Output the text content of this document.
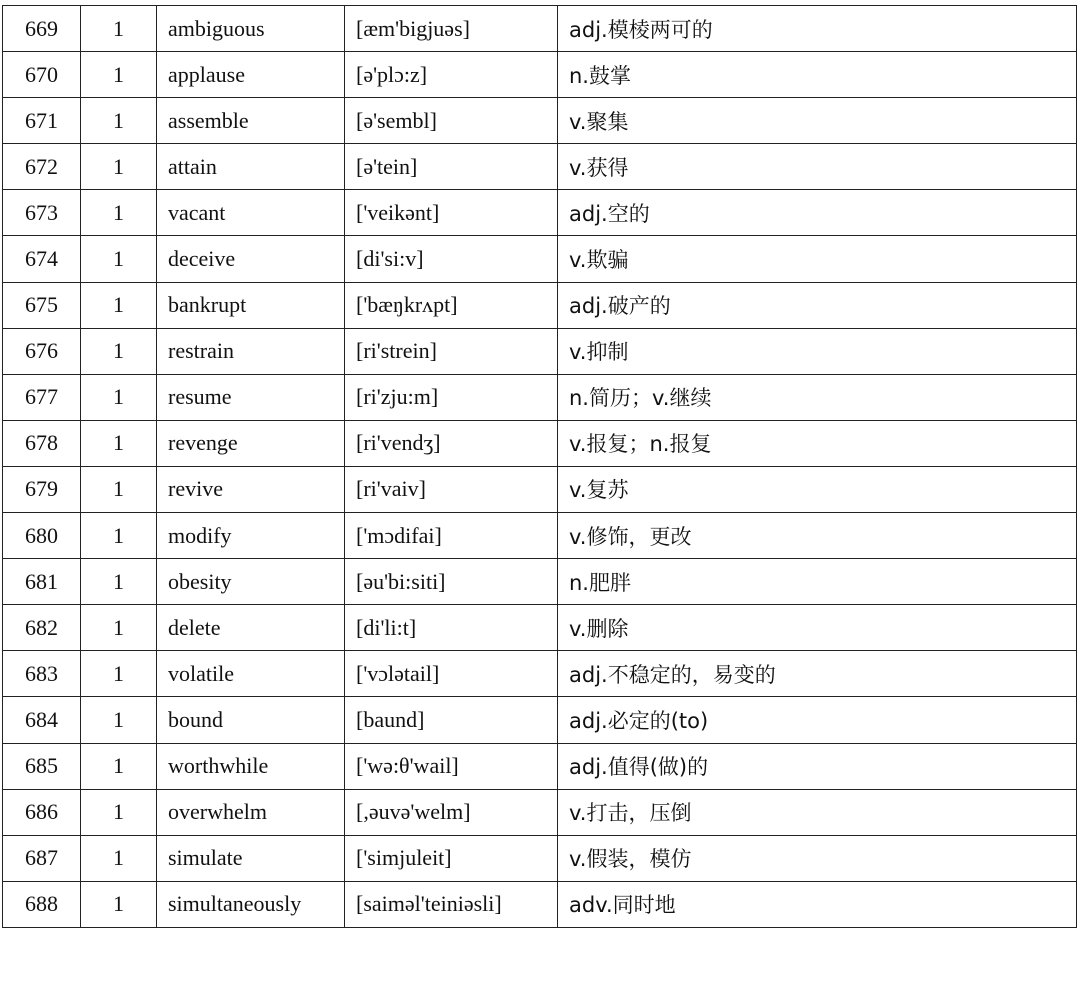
669	1	ambiguous	[æm'bigjuəs]	adj.模棱两可的
670	1	applause	[ə'plɔ:z]	n.鼓掌
671	1	assemble	[ə'sembl]	v.聚集
672	1	attain	[ə'tein]	v.获得
673	1	vacant	['veikənt]	adj.空的
674	1	deceive	[di'si:v]	v.欺骗
675	1	bankrupt	['bæŋkrʌpt]	adj.破产的
676	1	restrain	[ri'strein]	v.抑制
677	1	resume	[ri'zju:m]	n.简历；v.继续
678	1	revenge	[ri'vendʒ]	v.报复；n.报复
679	1	revive	[ri'vaiv]	v.复苏
680	1	modify	['mɔdifai]	v.修饰，更改
681	1	obesity	[əu'bi:siti]	n.肥胖
682	1	delete	[di'li:t]	v.删除
683	1	volatile	['vɔlətail]	adj.不稳定的，易变的
684	1	bound	[baund]	adj.必定的(to)
685	1	worthwhile	['wə:θ'wail]	adj.值得(做)的
686	1	overwhelm	[,əuvə'welm]	v.打击，压倒
687	1	simulate	['simjuleit]	v.假装，模仿
688	1	simultaneously	[saiməl'teiniəsli]	adv.同时地
